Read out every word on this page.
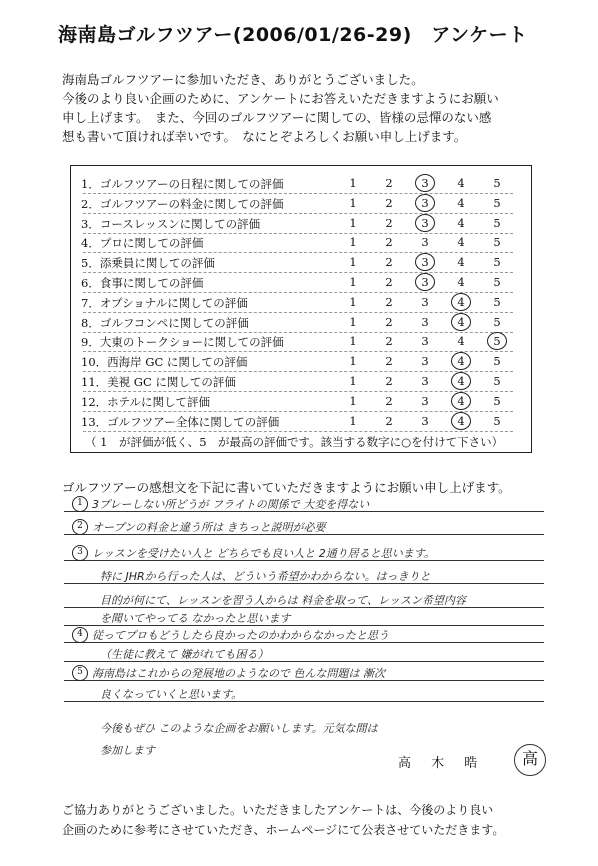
海南島ゴルフツアー(2006/01/26-29)　アンケート

海南島ゴルフツアーに参加いただき、ありがとうございました。

今後のより良い企画のために、アンケートにお答えいただきますようにお願い

申し上げます。　また、今回のゴルフツアーに関しての、皆様の忌憚のない感

想も書いて頂ければ幸いです。　なにとぞよろしくお願い申し上げます。

（ 1　が評価が低く、5　が最高の評価です。該当する数字に○を付けて下さい）
1．ゴルフツアーの日程に関しての評価	1	2	3	4	5
2．ゴルフツアーの料金に関しての評価	1	2	3	4	5
3．コースレッスンに関しての評価	1	2	3	4	5
4．プロに関しての評価	1	2	3	4	5
5．添乗員に関しての評価	1	2	3	4	5
6．食事に関しての評価	1	2	3	4	5
7．オプショナルに関しての評価	1	2	3	4	5
8．ゴルフコンペに関しての評価	1	2	3	4	5
9．大東のトークショーに関しての評価	1	2	3	4	5
10．西海岸 GC に関しての評価	1	2	3	4	5
11．美視 GC に関しての評価	1	2	3	4	5
12．ホテルに関して評価	1	2	3	4	5
13．ゴルフツアー全体に関しての評価	1	2	3	4	5
ゴルフツアーの感想文を下記に書いていただきますようにお願い申し上げます。
1 3プレーしない所どうが フライトの関係で 大変を得ない
2 オープンの料金と違う所は きちっと説明が必要
3 レッスンを受けたい人と どちらでも良い人と 2通り居ると思います。
特に JHRから行った人は、どういう希望かわからない。はっきりと
目的が何にて、レッスンを習う人からは 料金を取って、レッスン希望内容
を聞いてやってる なかったと思います
4 従ってプロもどうしたら良かったのかわからなかったと思う
（生徒に教えて 嫌がれても困る）
5 海南島はこれからの発展地のようなので 色んな問題は 漸次
良くなっていくと思います。
今後もぜひ このような企画をお願いします。元気な間は
参加します
高 木 晧	高
ご協力ありがとうございました。いただきましたアンケートは、今後のより良い
企画のために参考にさせていただき、ホームページにて公表させていただきます。
